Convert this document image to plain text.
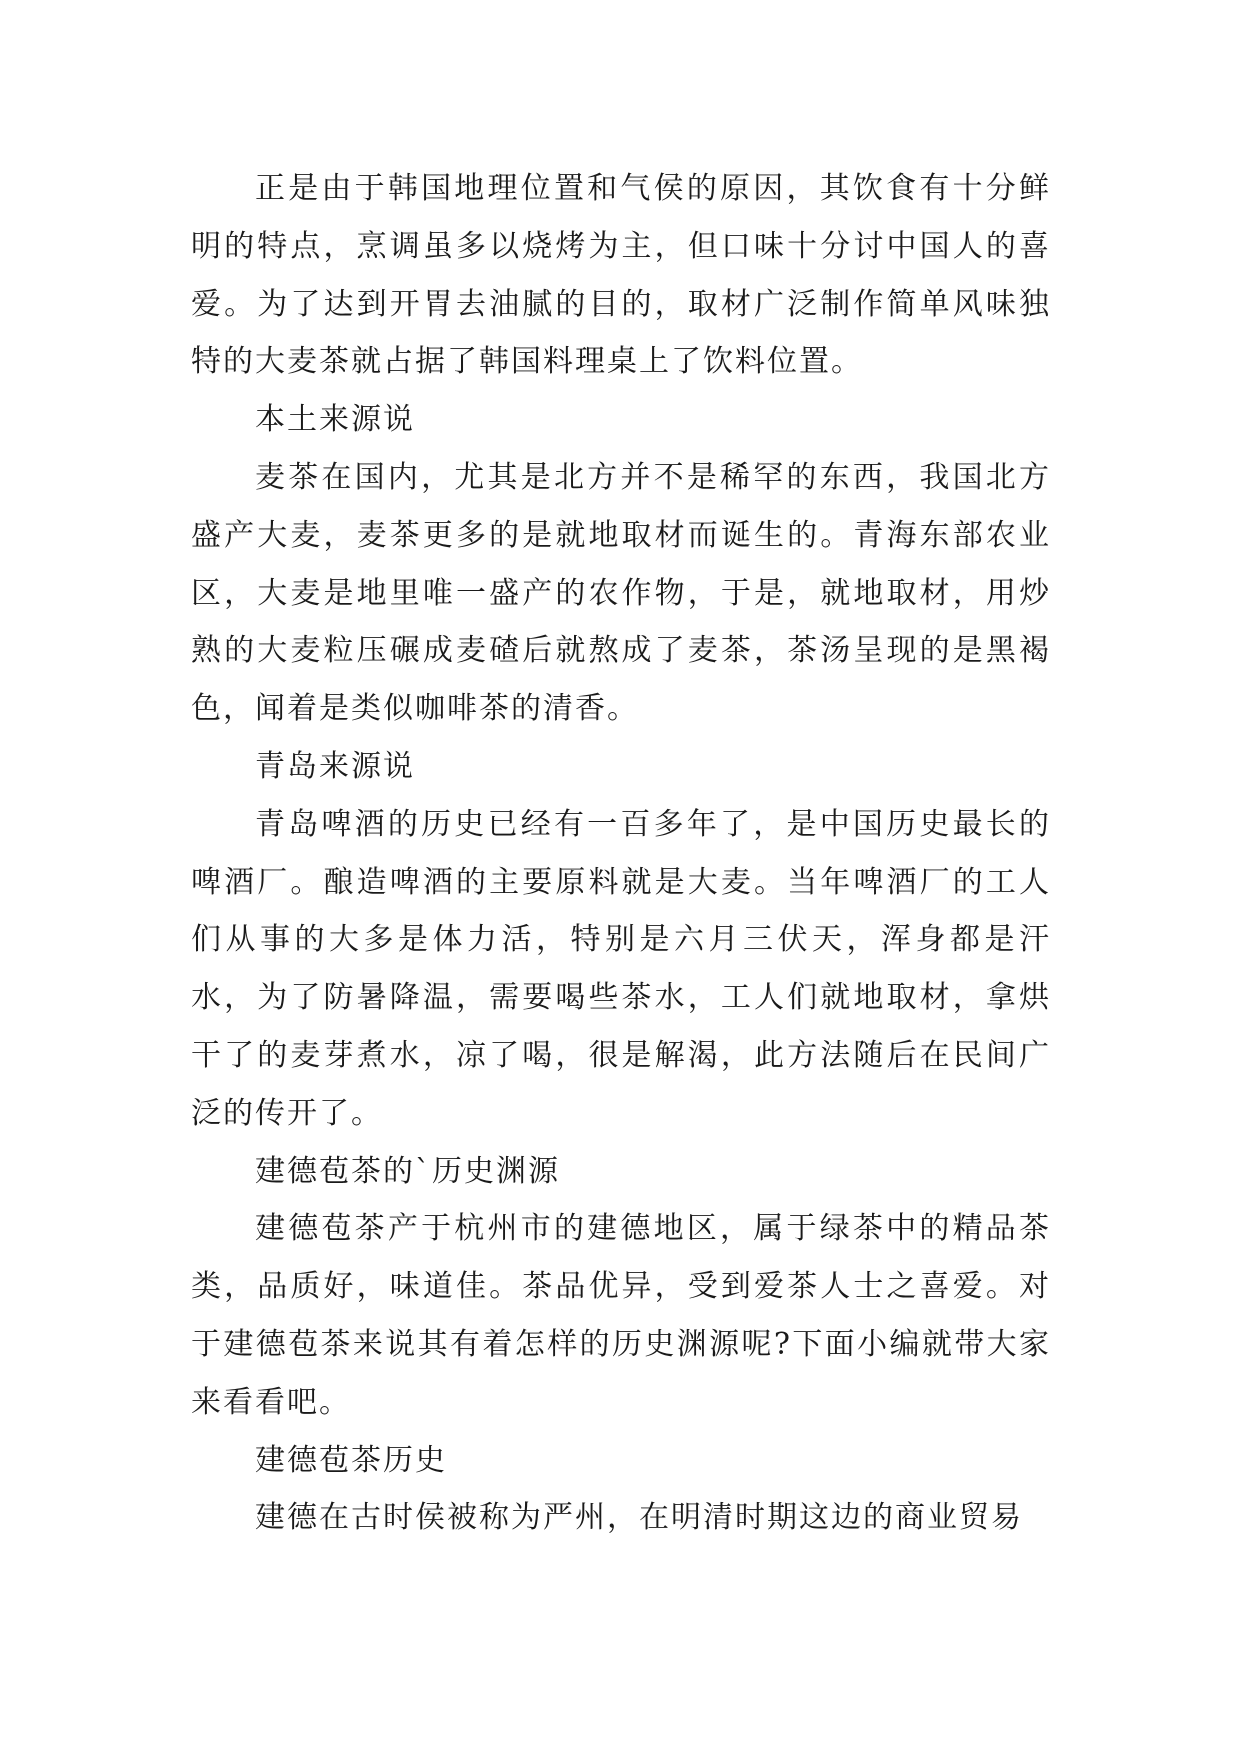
正是由于韩国地理位置和气侯的原因，其饮食有十分鲜明的特点，烹调虽多以烧烤为主，但口味十分讨中国人的喜爱。为了达到开胃去油腻的目的，取材广泛制作简单风味独特的大麦茶就占据了韩国料理桌上了饮料位置。

本土来源说

麦茶在国内，尤其是北方并不是稀罕的东西，我国北方盛产大麦，麦茶更多的是就地取材而诞生的。青海东部农业区，大麦是地里唯一盛产的农作物，于是，就地取材，用炒熟的大麦粒压碾成麦碴后就熬成了麦茶，茶汤呈现的是黑褐色，闻着是类似咖啡茶的清香。

青岛来源说

青岛啤酒的历史已经有一百多年了，是中国历史最长的啤酒厂。酿造啤酒的主要原料就是大麦。当年啤酒厂的工人们从事的大多是体力活，特别是六月三伏天，浑身都是汗水，为了防暑降温，需要喝些茶水，工人们就地取材，拿烘干了的麦芽煮水，凉了喝，很是解渴，此方法随后在民间广泛的传开了。

建德苞茶的`历史渊源

建德苞茶产于杭州市的建德地区，属于绿茶中的精品茶类，品质好，味道佳。茶品优异，受到爱茶人士之喜爱。对于建德苞茶来说其有着怎样的历史渊源呢?下面小编就带大家来看看吧。

建德苞茶历史

建德在古时侯被称为严州，在明清时期这边的商业贸易
